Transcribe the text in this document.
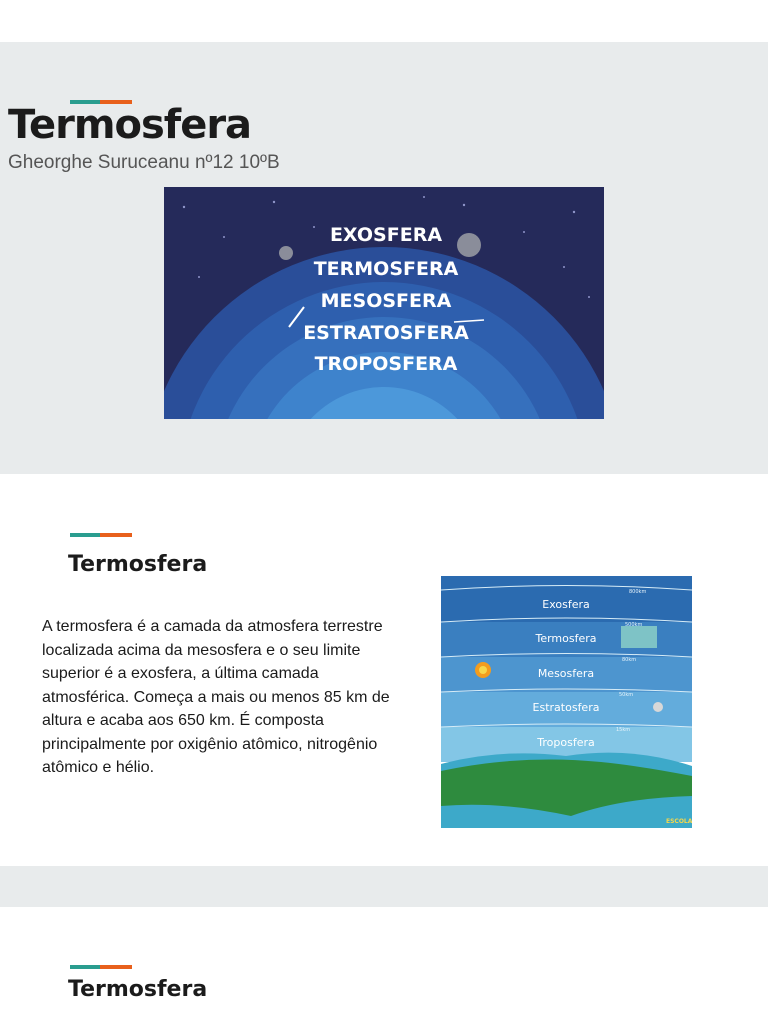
Termosfera
Gheorghe Suruceanu nº12 10ºB
EXOSFERA
TERMOSFERA
MESOSFERA
ESTRATOSFERA
TROPOSFERA
Termosfera
A termosfera é a camada da atmosfera terrestre localizada acima da mesosfera e o seu limite superior é a exosfera, a última camada atmosférica. Começa a mais ou menos 85 km de altura e acaba aos 650 km. É composta principalmente por oxigênio atômico, nitrogênio atômico e hélio.
Exosfera
Termosfera
Mesosfera
Estratosfera
Troposfera
800km
500km
80km
50km
15km
ESCOLA
Termosfera
